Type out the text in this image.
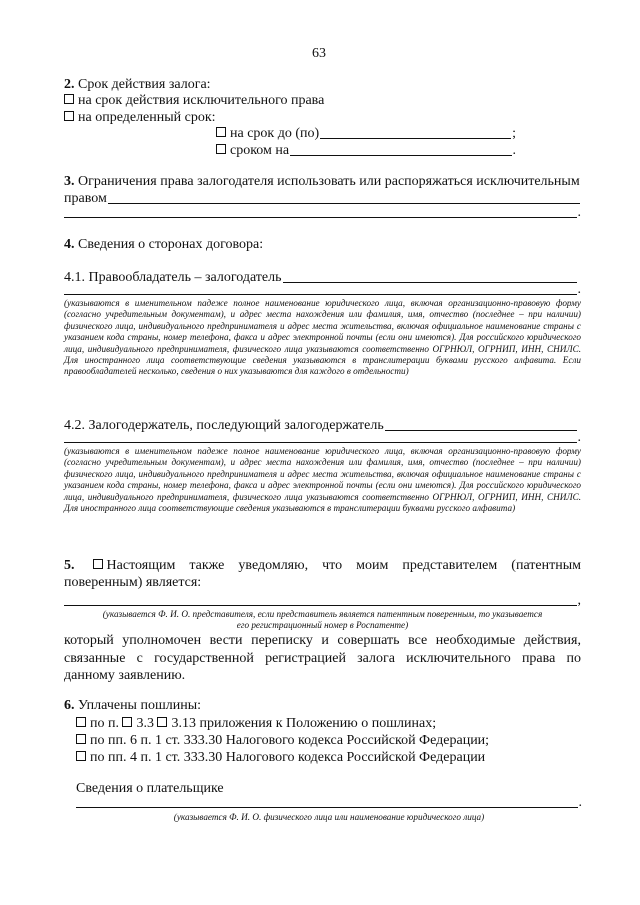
63
2. Срок действия залога:
на срок действия исключительного права
на определенный срок:
на срок до (по)	;
сроком на	.
3. Ограничения права залогодателя использовать или распоряжаться исключительным
правом
.
4. Сведения о сторонах договора:
4.1. Правообладатель – залогодатель
.
(указываются в именительном падеже полное наименование юридического лица, включая организационно-правовую форму (согласно учредительным документам), и адрес места нахождения или фамилия, имя, отчество (последнее – при наличии) физического лица, индивидуального предпринимателя и адрес места жительства, включая официальное наименование страны с указанием кода страны, номер телефона, факса и адрес электронной почты (если они имеются). Для российского юридического лица, индивидуального предпринимателя, физического лица указываются соответственно ОГРНЮЛ, ОГРНИП, ИНН, СНИЛС. Для иностранного лица соответствующие сведения указываются в транслитерации буквами русского алфавита. Если правообладателей несколько, сведения о них указываются для каждого в отдельности)
4.2. Залогодержатель, последующий залогодержатель
.
(указываются в именительном падеже полное наименование юридического лица, включая организационно-правовую форму (согласно учредительным документам), и адрес места нахождения или фамилия, имя, отчество (последнее – при наличии) физического лица, индивидуального предпринимателя и адрес места жительства, включая официальное наименование страны с указанием кода страны, номер телефона, факса и адрес электронной почты (если они имеются). Для российского юридического лица, индивидуального предпринимателя, физического лица указываются соответственно ОГРНЮЛ, ОГРНИП, ИНН, СНИЛС. Для иностранного лица соответствующие сведения указываются в транслитерации буквами русского алфавита)
5. Настоящим также уведомляю, что моим представителем (патентным
поверенным) является:
,
(указывается Ф. И. О. представителя, если представитель является патентным поверенным, то указывается
его регистрационный номер в Роспатенте)
который уполномочен вести переписку и совершать все необходимые действия, связанные с государственной регистрацией залога исключительного права по данному заявлению.
6. Уплачены пошлины:
по п. 3.3 3.13 приложения к Положению о пошлинах;
по пп. 6 п. 1 ст. 333.30 Налогового кодекса Российской Федерации;
по пп. 4 п. 1 ст. 333.30 Налогового кодекса Российской Федерации
Сведения о плательщике
.
(указывается Ф. И. О. физического лица или наименование юридического лица)
